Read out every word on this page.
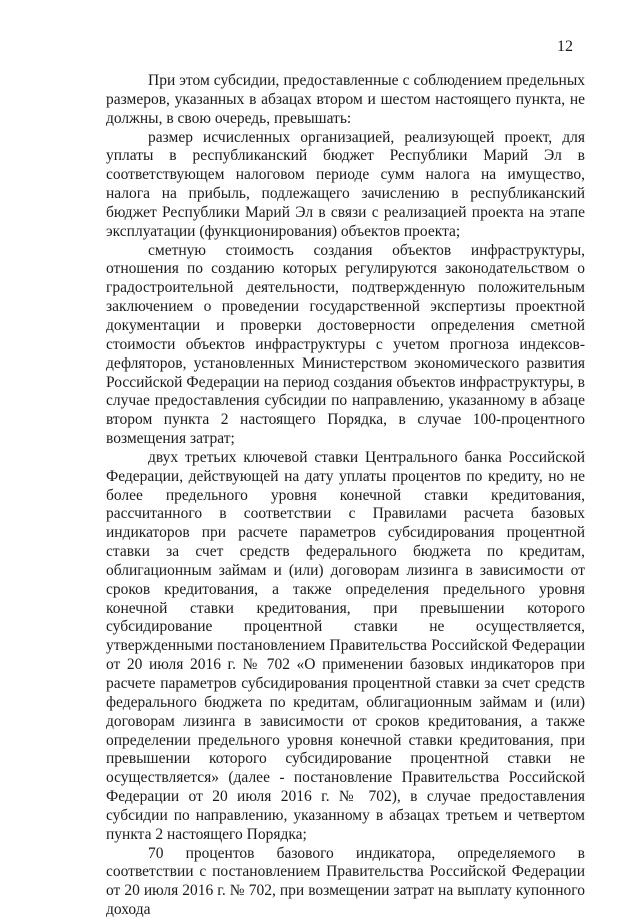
12

При этом субсидии, предоставленные с соблюдением предельных размеров, указанных в абзацах втором и шестом настоящего пункта, не должны, в свою очередь, превышать:

размер исчисленных организацией, реализующей проект, для уплаты в республиканский бюджет Республики Марий Эл в соответствующем налоговом периоде сумм налога на имущество, налога на прибыль, подлежащего зачислению в республиканский бюджет Республики Марий Эл в связи с реализацией проекта на этапе эксплуатации (функционирования) объектов проекта;

сметную стоимость создания объектов инфраструктуры, отношения по созданию которых регулируются законодательством о градостроительной деятельности, подтвержденную положительным заключением о проведении государственной экспертизы проектной документации и проверки достоверности определения сметной стоимости объектов инфраструктуры с учетом прогноза индексов-дефляторов, установленных Министерством экономического развития Российской Федерации на период создания объектов инфраструктуры, в случае предоставления субсидии по направлению, указанному в абзаце втором пункта 2 настоящего Порядка, в случае 100-процентного возмещения затрат;

двух третьих ключевой ставки Центрального банка Российской Федерации, действующей на дату уплаты процентов по кредиту, но не более предельного уровня конечной ставки кредитования, рассчитанного в соответствии с Правилами расчета базовых индикаторов при расчете параметров субсидирования процентной ставки за счет средств федерального бюджета по кредитам, облигационным займам и (или) договорам лизинга в зависимости от сроков кредитования, а также определения предельного уровня конечной ставки кредитования, при превышении которого субсидирование процентной ставки не осуществляется, утвержденными постановлением Правительства Российской Федерации от 20 июля 2016 г. № 702 «О применении базовых индикаторов при расчете параметров субсидирования процентной ставки за счет средств федерального бюджета по кредитам, облигационным займам и (или) договорам лизинга в зависимости от сроков кредитования, а также определении предельного уровня конечной ставки кредитования, при превышении которого субсидирование процентной ставки не осуществляется» (далее - постановление Правительства Российской Федерации от 20 июля 2016 г. № 702), в случае предоставления субсидии по направлению, указанному в абзацах третьем и четвертом пункта 2 настоящего Порядка;

70 процентов базового индикатора, определяемого в соответствии с постановлением Правительства Российской Федерации от 20 июля 2016 г. № 702, при возмещении затрат на выплату купонного дохода
